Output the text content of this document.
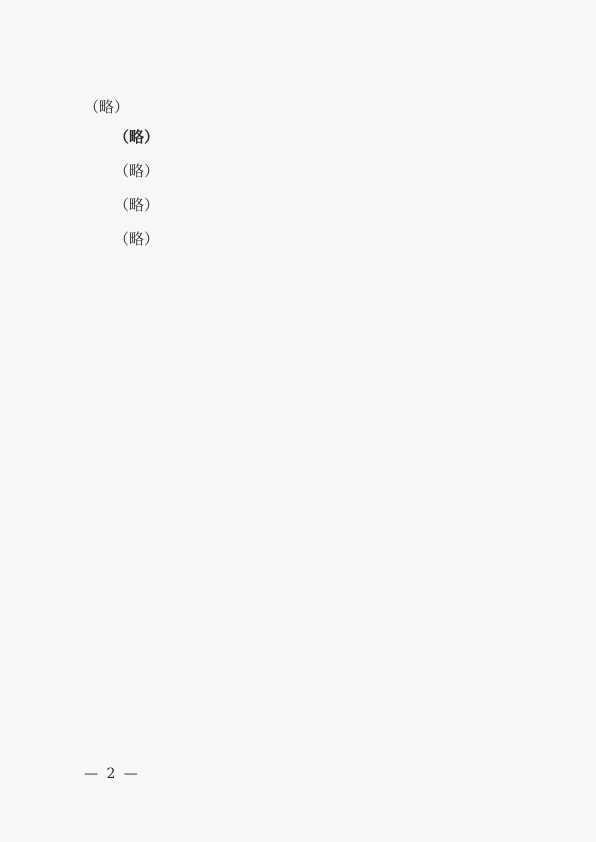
（略）
（略）
（略）
（略）
（略）
— 2 —
